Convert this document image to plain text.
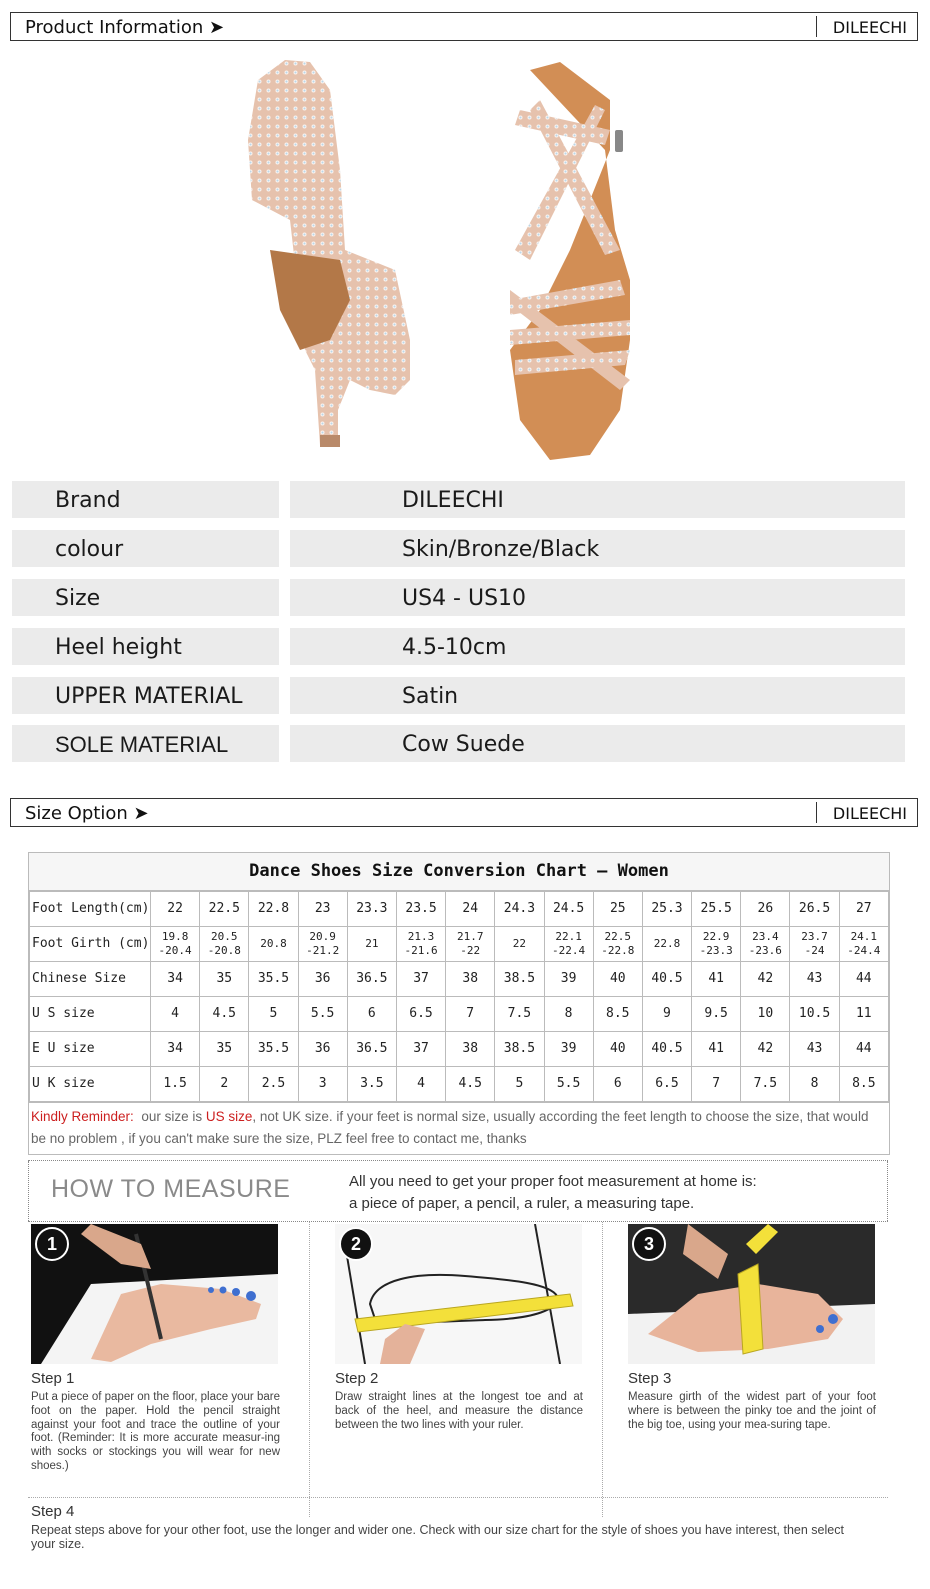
Product Information ➤	DILEECHI
Brand	DILEECHI
colour	Skin/Bronze/Black
Size	US4 - US10
Heel height	4.5-10cm
UPPER MATERIAL	Satin
SOLE MATERIAL	Cow Suede
Size Option ➤	DILEECHI
Dance Shoes Size Conversion Chart — Women
Foot Length(cm)	22	22.5	22.8	23	23.3	23.5	24	24.3	24.5	25	25.3	25.5	26	26.5	27
Foot Girth (cm)	19.8 -20.4	20.5 -20.8	20.8	20.9 -21.2	21	21.3 -21.6	21.7 -22	22	22.1 -22.4	22.5 -22.8	22.8	22.9 -23.3	23.4 -23.6	23.7 -24	24.1 -24.4
Chinese Size	34	35	35.5	36	36.5	37	38	38.5	39	40	40.5	41	42	43	44
U S size	4	4.5	5	5.5	6	6.5	7	7.5	8	8.5	9	9.5	10	10.5	11
E U size	34	35	35.5	36	36.5	37	38	38.5	39	40	40.5	41	42	43	44
U K size	1.5	2	2.5	3	3.5	4	4.5	5	5.5	6	6.5	7	7.5	8	8.5
Kindly Reminder: our size is US size, not UK size. if your feet is normal size, usually according the feet length to choose the size, that would be no problem , if you can't make sure the size, PLZ feel free to contact me, thanks
HOW TO MEASURE	All you need to get your proper foot measurement at home is:
a piece of paper, a pencil, a ruler, a measuring tape.
1	2	3
Step 1
Put a piece of paper on the floor, place your bare foot on the paper. Hold the pencil straight against your foot and trace the outline of your foot. (Reminder: It is more accurate measur-ing with socks or stockings you will wear for new shoes.)
Step 2
Draw straight lines at the longest toe and at back of the heel, and measure the distance between the two lines with your ruler.
Step 3
Measure girth of the widest part of your foot where is between the pinky toe and the joint of the big toe, using your mea-suring tape.
Step 4
Repeat steps above for your other foot, use the longer and wider one. Check with our size chart for the style of shoes you have interest, then select your size.
